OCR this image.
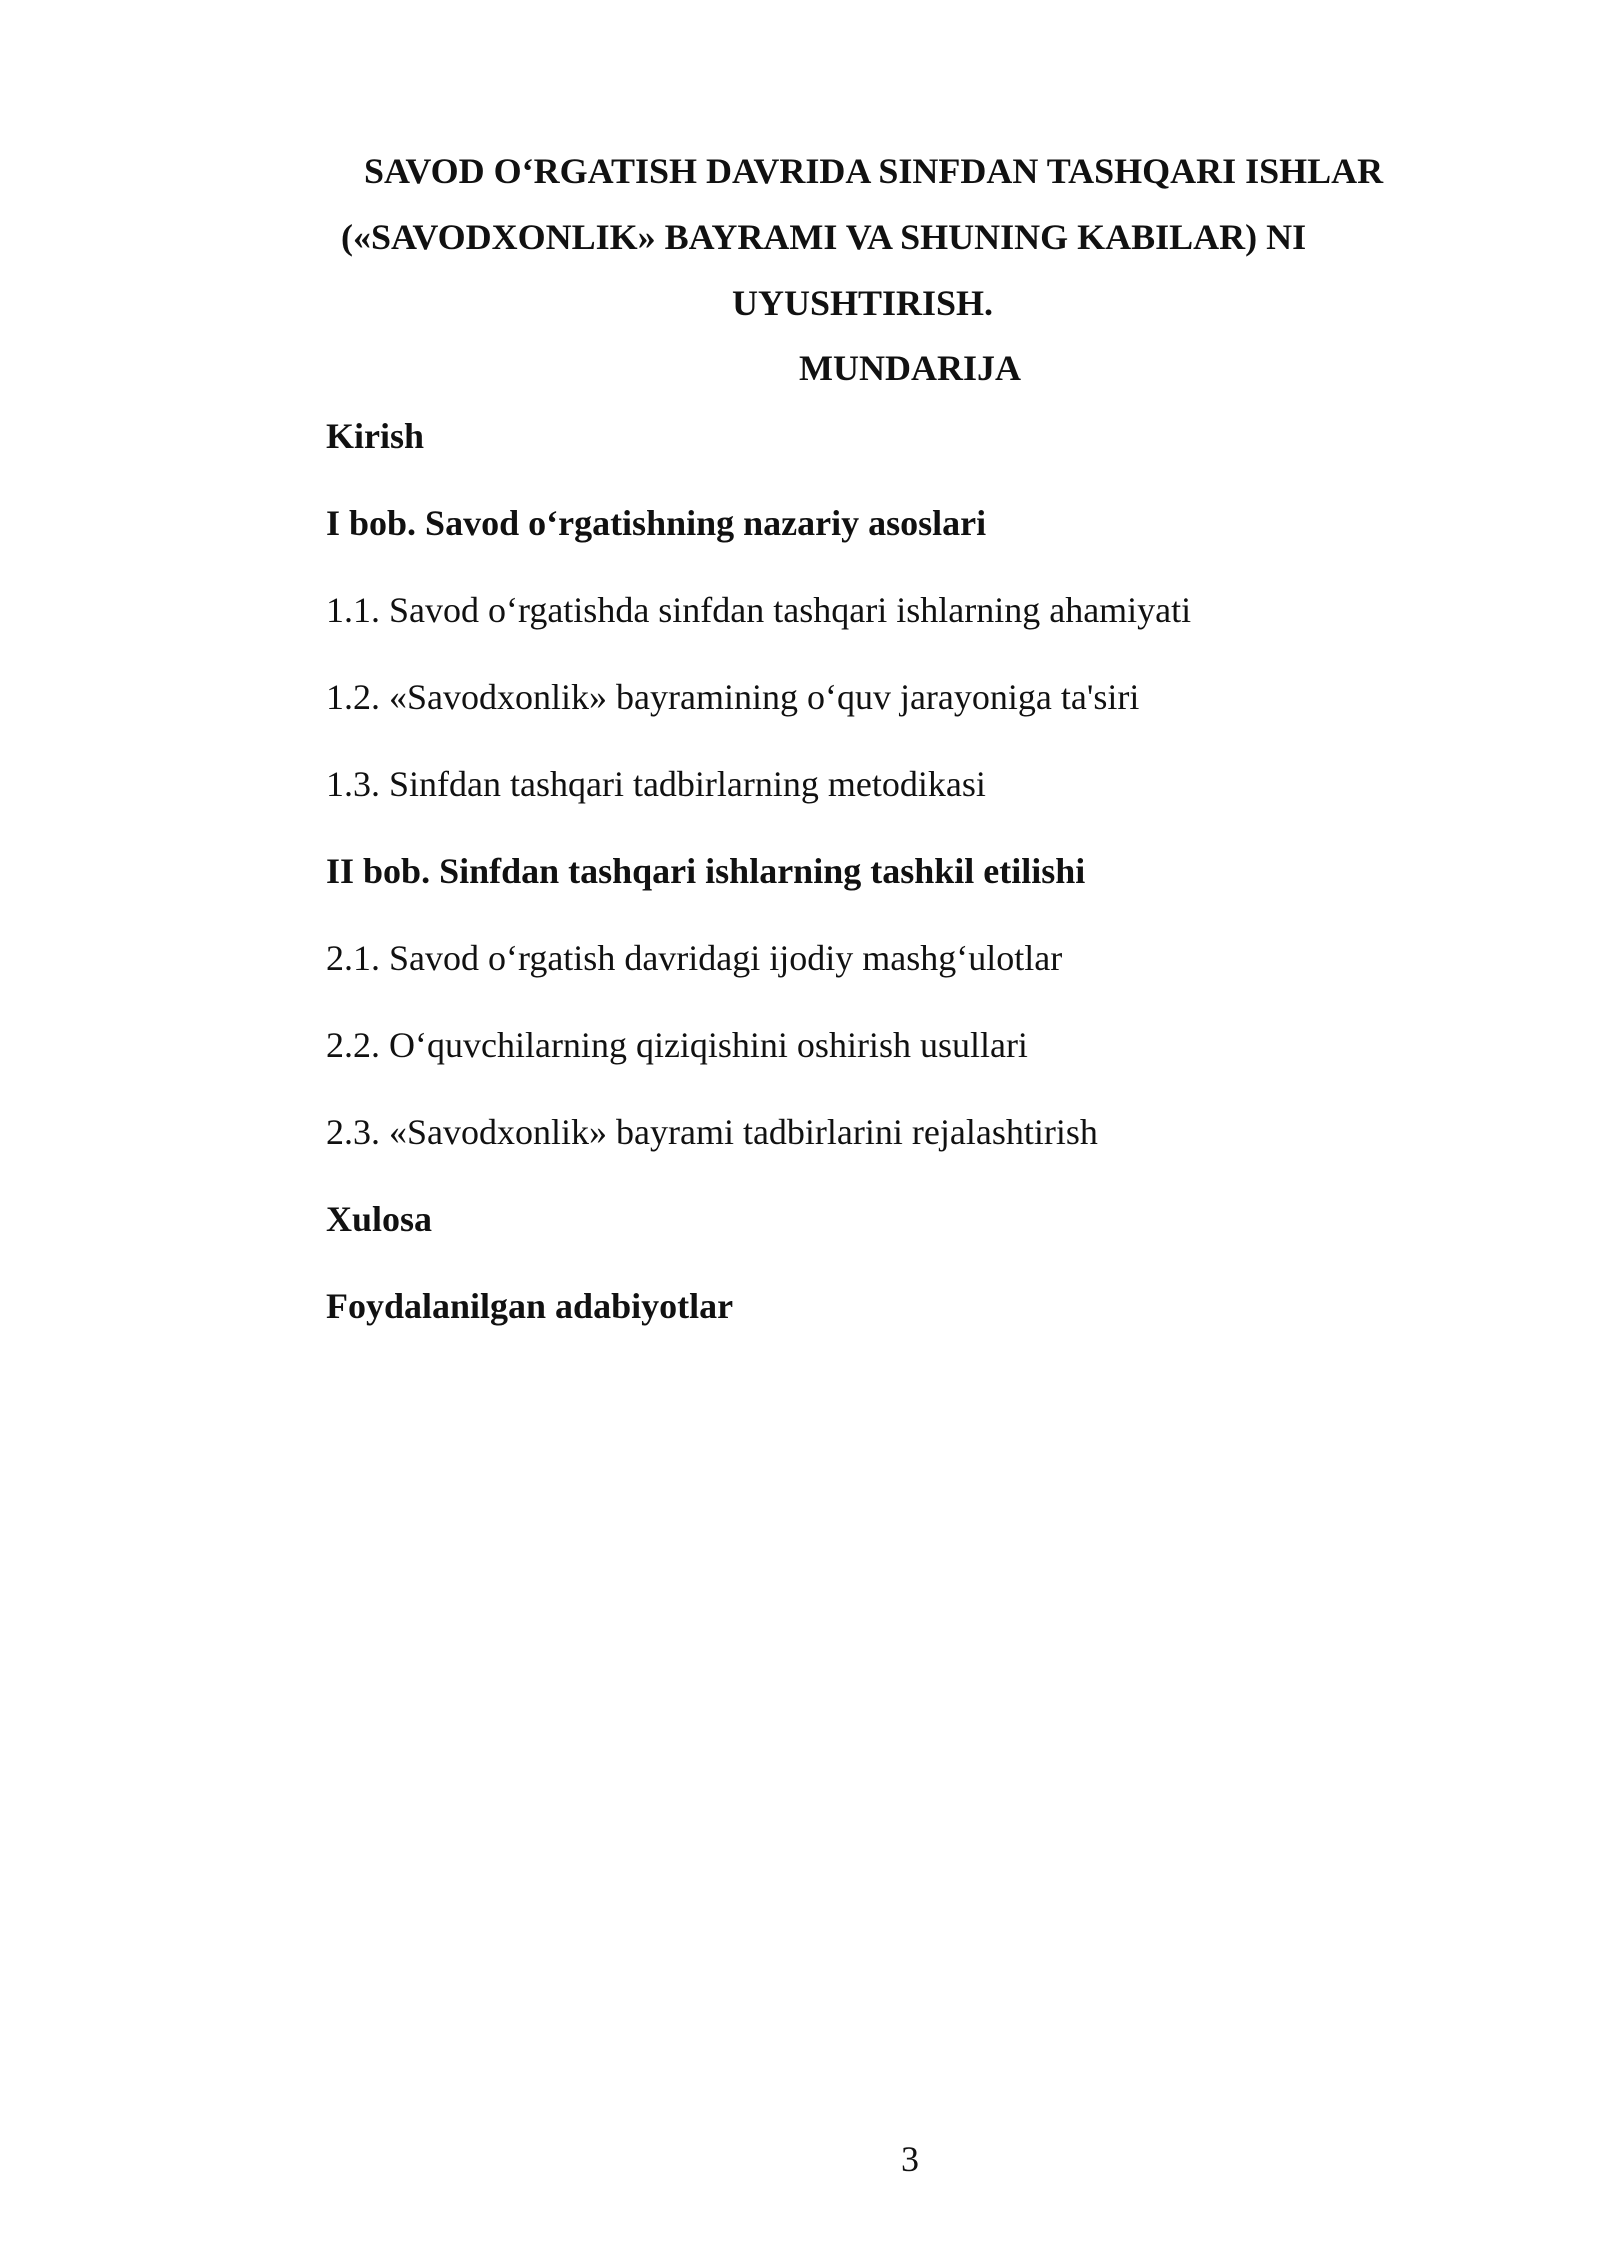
SAVOD O‘RGATISH DAVRIDA SINFDAN TASHQARI ISHLAR
(«SAVODXONLIK» BAYRAMI VA SHUNING KABILAR) NI
UYUSHTIRISH.
MUNDARIJA
Kirish
I bob. Savod o‘rgatishning nazariy asoslari
1.1. Savod o‘rgatishda sinfdan tashqari ishlarning ahamiyati
1.2. «Savodxonlik» bayramining o‘quv jarayoniga ta'siri
1.3. Sinfdan tashqari tadbirlarning metodikasi
II bob. Sinfdan tashqari ishlarning tashkil etilishi
2.1. Savod o‘rgatish davridagi ijodiy mashg‘ulotlar
2.2. O‘quvchilarning qiziqishini oshirish usullari
2.3. «Savodxonlik» bayrami tadbirlarini rejalashtirish
Xulosa
Foydalanilgan adabiyotlar
3
